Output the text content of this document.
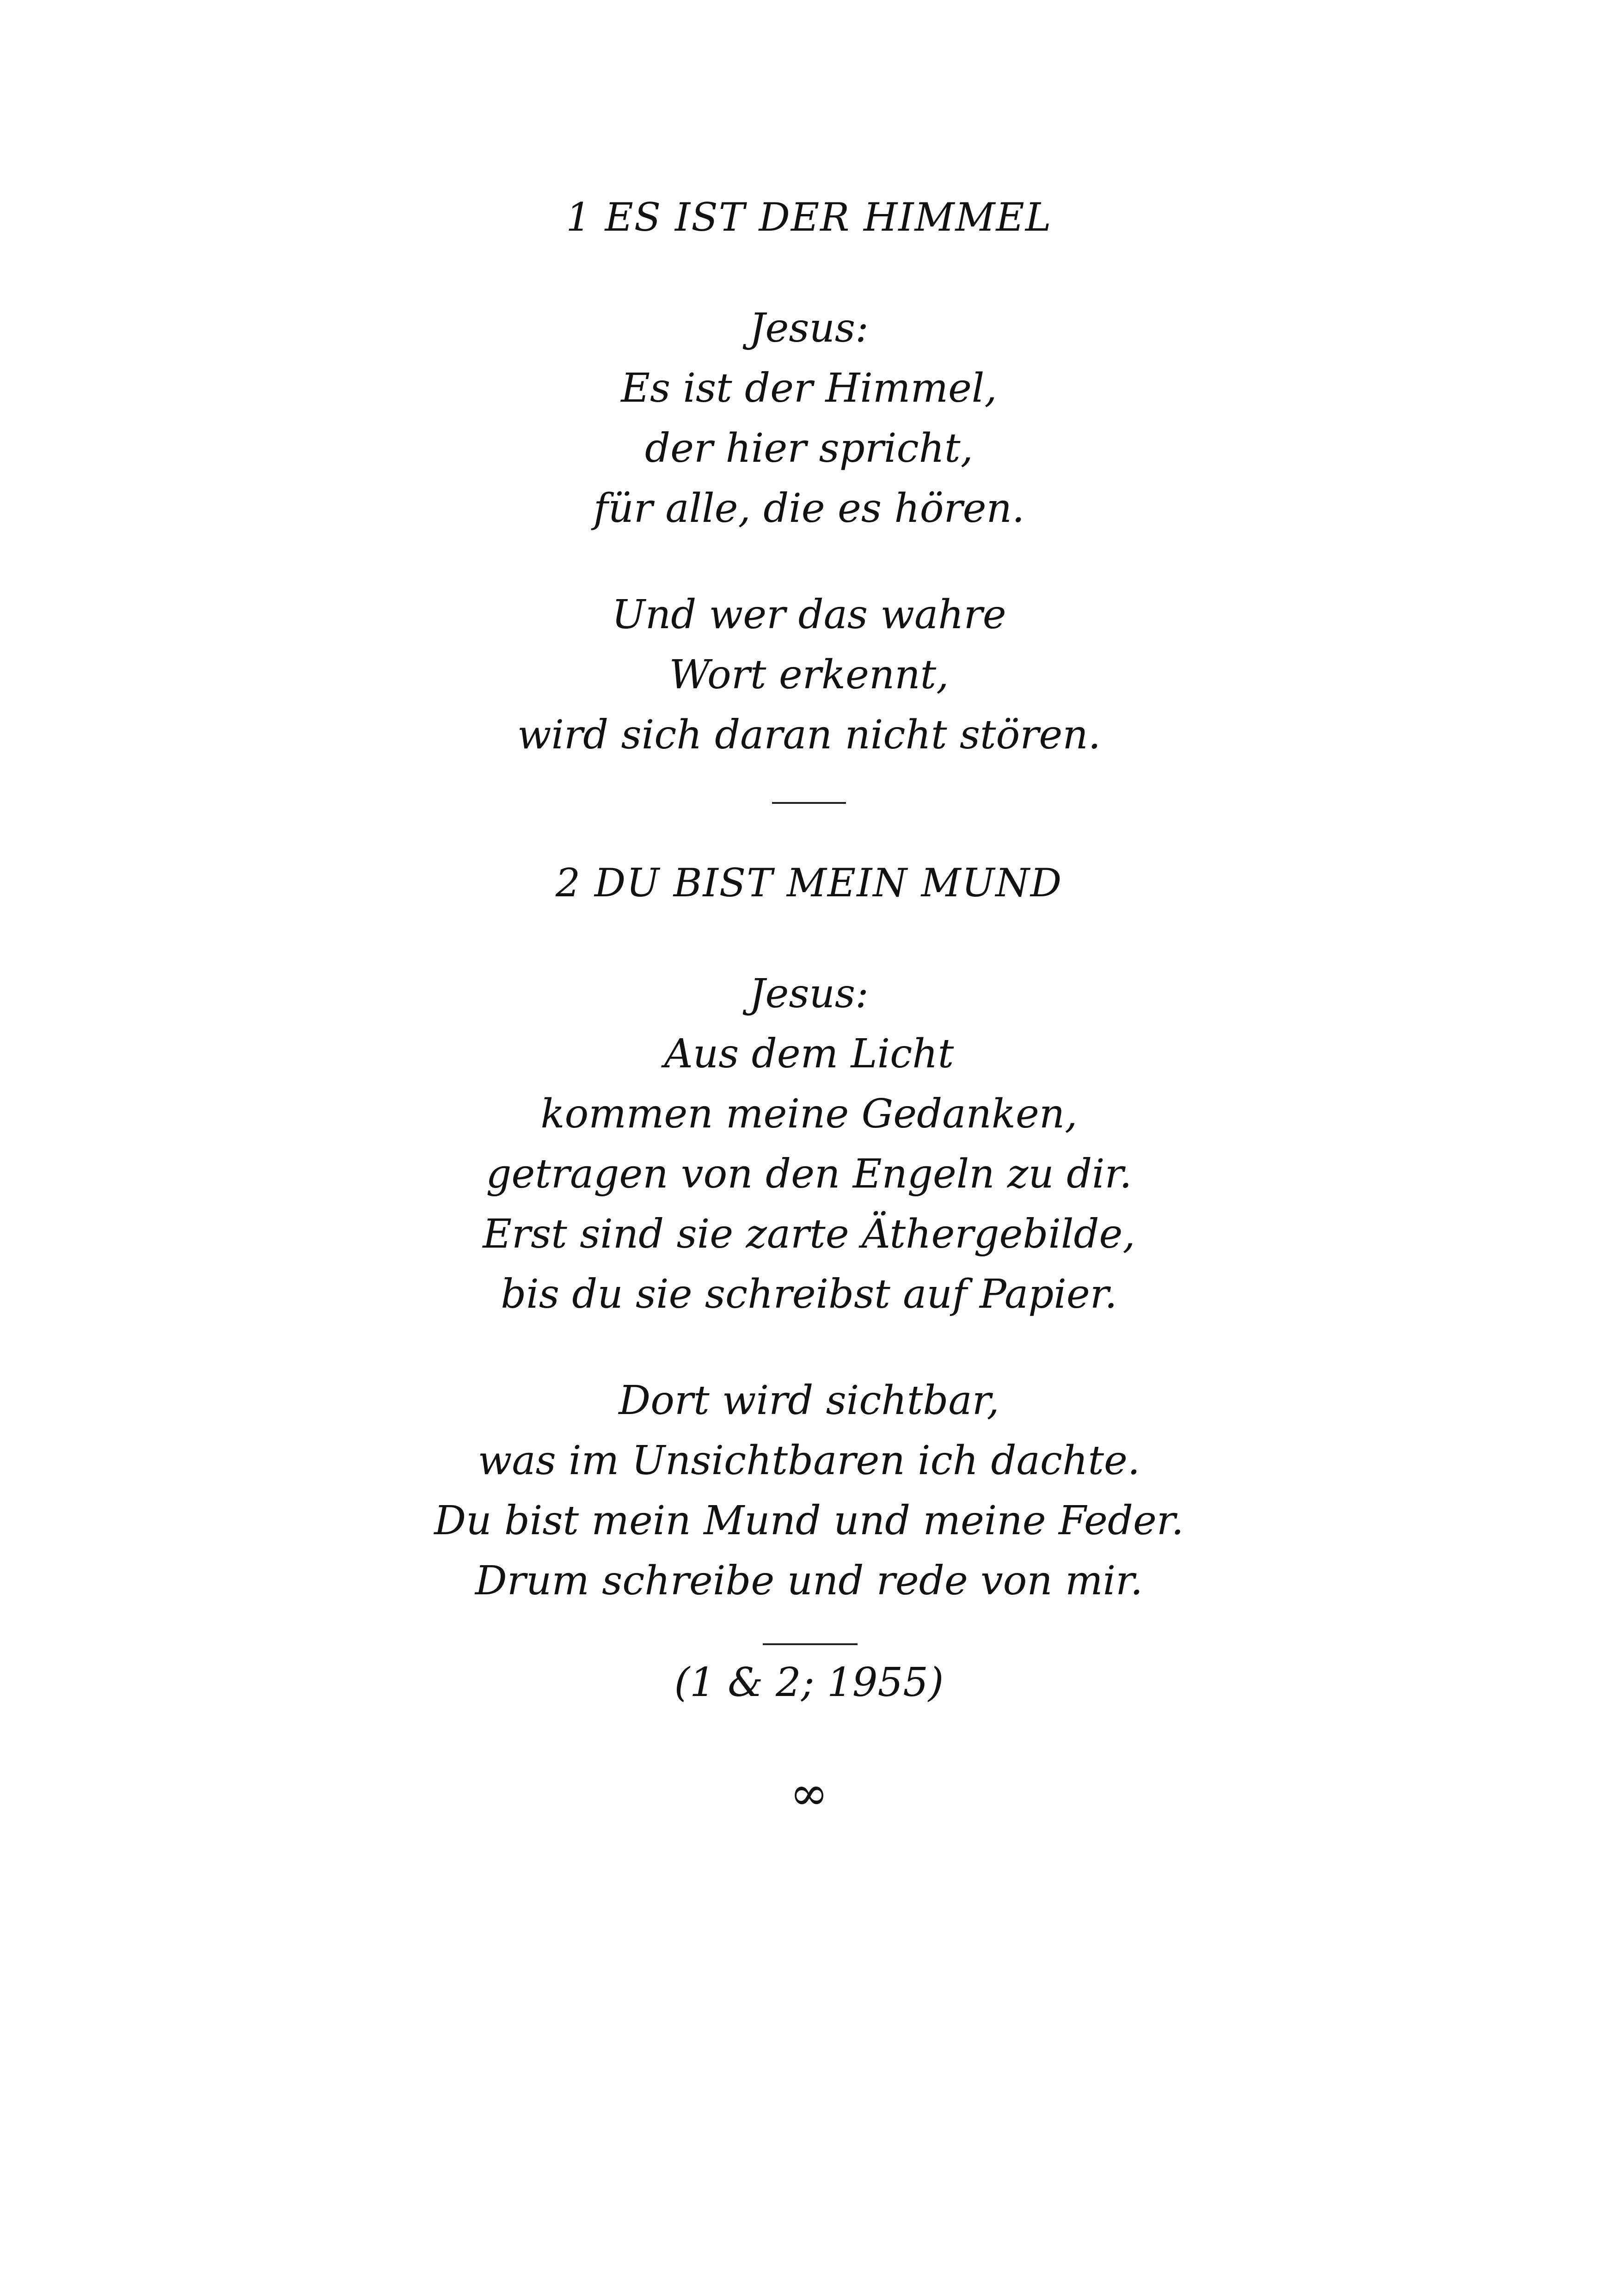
1 ES IST DER HIMMEL
Jesus:
Es ist der Himmel,
der hier spricht,
für alle, die es hören.
Und wer das wahre
Wort erkennt,
wird sich daran nicht stören.
2 DU BIST MEIN MUND
Jesus:
Aus dem Licht
kommen meine Gedanken,
getragen von den Engeln zu dir.
Erst sind sie zarte Äthergebilde,
bis du sie schreibst auf Papier.
Dort wird sichtbar,
was im Unsichtbaren ich dachte.
Du bist mein Mund und meine Feder.
Drum schreibe und rede von mir.
(1 & 2; 1955)
∞
